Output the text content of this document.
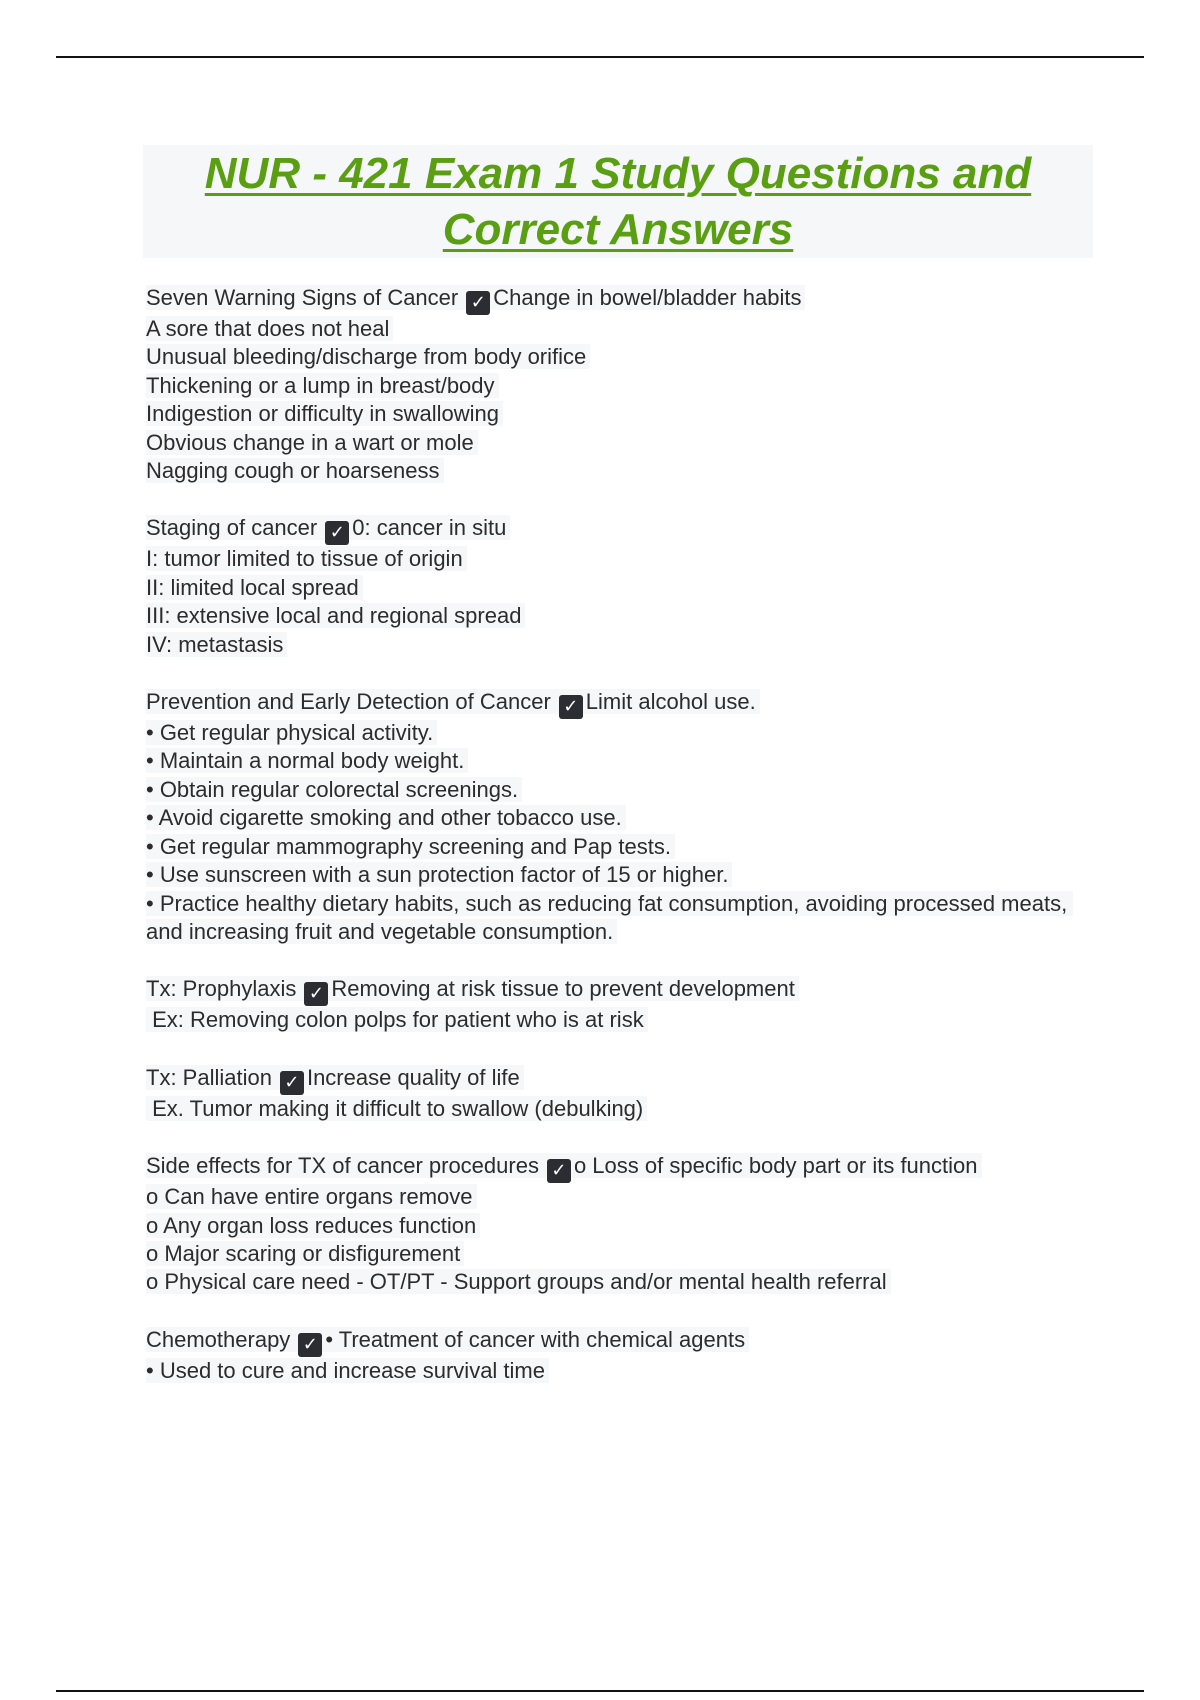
NUR - 421 Exam 1 Study Questions and
Correct Answers
Seven Warning Signs of Cancer ✓ Change in bowel/bladder habits
A sore that does not heal
Unusual bleeding/discharge from body orifice
Thickening or a lump in breast/body
Indigestion or difficulty in swallowing
Obvious change in a wart or mole
Nagging cough or hoarseness
Staging of cancer ✓ 0: cancer in situ
I: tumor limited to tissue of origin
II: limited local spread
III: extensive local and regional spread
IV: metastasis
Prevention and Early Detection of Cancer ✓ Limit alcohol use.
• Get regular physical activity.
• Maintain a normal body weight.
• Obtain regular colorectal screenings.
• Avoid cigarette smoking and other tobacco use.
• Get regular mammography screening and Pap tests.
• Use sunscreen with a sun protection factor of 15 or higher.
• Practice healthy dietary habits, such as reducing fat consumption, avoiding processed meats, and increasing fruit and vegetable consumption.
Tx: Prophylaxis ✓ Removing at risk tissue to prevent development
Ex: Removing colon polps for patient who is at risk
Tx: Palliation ✓ Increase quality of life
Ex. Tumor making it difficult to swallow (debulking)
Side effects for TX of cancer procedures ✓ o Loss of specific body part or its function
o Can have entire organs remove
o Any organ loss reduces function
o Major scaring or disfigurement
o Physical care need - OT/PT - Support groups and/or mental health referral
Chemotherapy ✓ • Treatment of cancer with chemical agents
• Used to cure and increase survival time
